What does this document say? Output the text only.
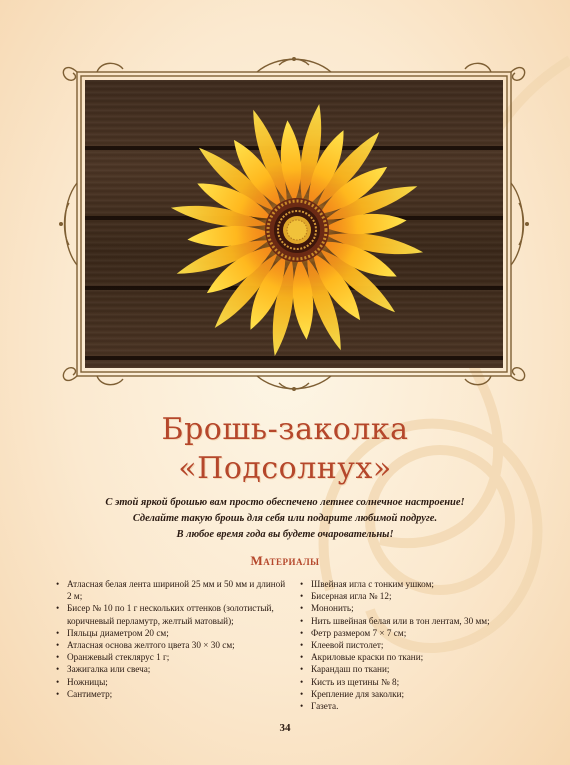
Брошь-заколка
«Подсолнух»
С этой яркой брошью вам просто обеспечено летнее солнечное настроение!
Сделайте такую брошь для себя или подарите любимой подруге.
В любое время года вы будете очаровательны!
Материалы
• Атласная белая лента шириной 25 мм и 50 мм и длиной 2 м;
• Бисер № 10 по 1 г нескольких оттенков (золотистый, коричневый перламутр, желтый матовый);
• Пяльцы диаметром 20 см;
• Атласная основа желтого цвета 30 × 30 см;
• Оранжевый стеклярус 1 г;
• Зажигалка или свеча;
• Ножницы;
• Сантиметр;
• Швейная игла с тонким ушком;
• Бисерная игла № 12;
• Мононить;
• Нить швейная белая или в тон лентам, 30 мм;
• Фетр размером 7 × 7 см;
• Клеевой пистолет;
• Акриловые краски по ткани;
• Карандаш по ткани;
• Кисть из щетины № 8;
• Крепление для заколки;
• Газета.
34
